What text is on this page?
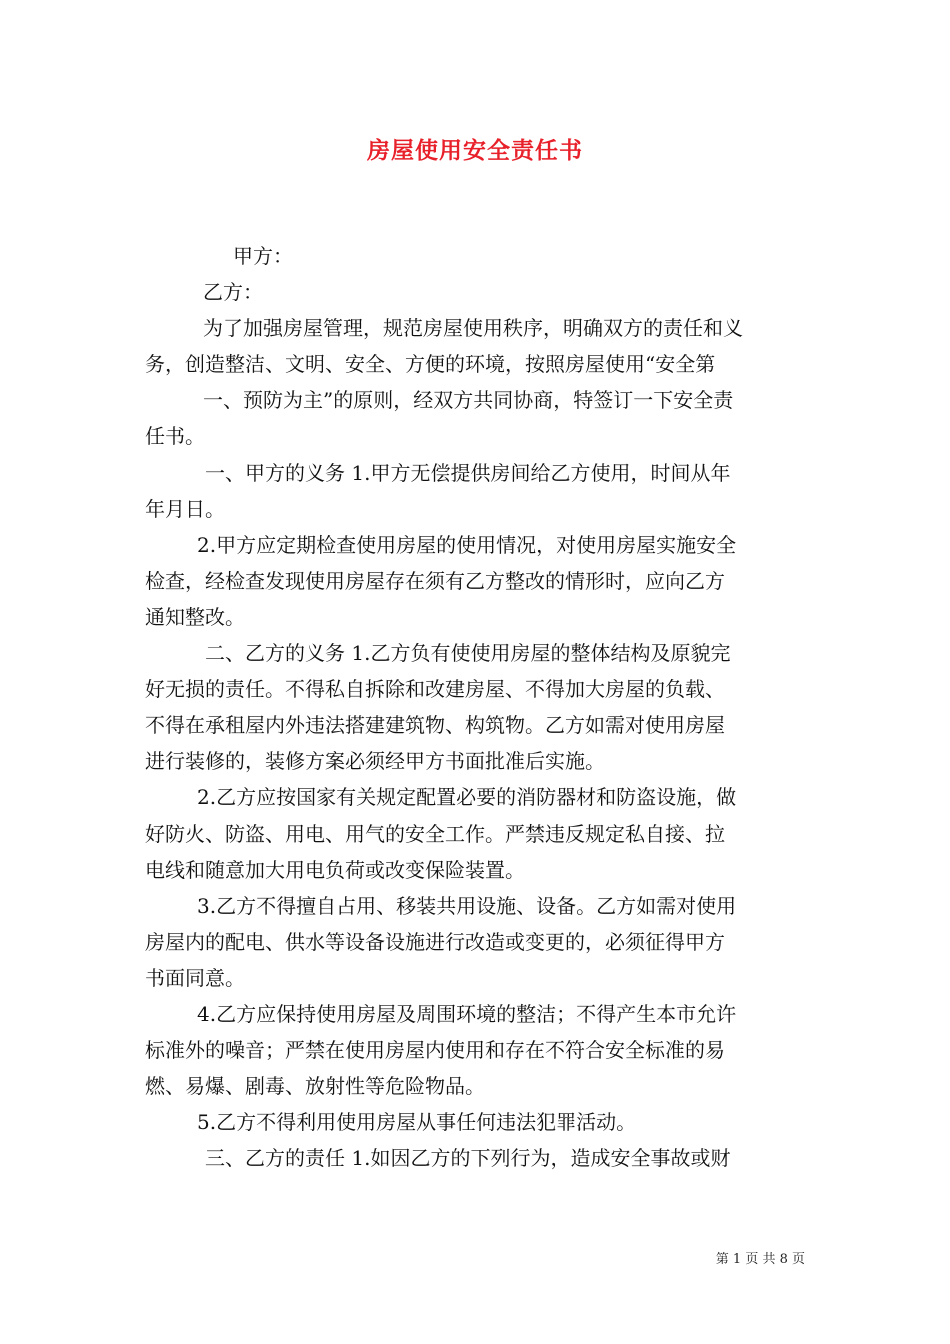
房屋使用安全责任书
甲方：
乙方：
为了加强房屋管理，规范房屋使用秩序，明确双方的责任和义
务，创造整洁、文明、安全、方便的环境，按照房屋使用“安全第
一、预防为主”的原则，经双方共同协商，特签订一下安全责
任书。
一、甲方的义务 1.甲方无偿提供房间给乙方使用，时间从年
年月日。
2.甲方应定期检查使用房屋的使用情况，对使用房屋实施安全
检查，经检查发现使用房屋存在须有乙方整改的情形时，应向乙方
通知整改。
二、乙方的义务 1.乙方负有使使用房屋的整体结构及原貌完
好无损的责任。不得私自拆除和改建房屋、不得加大房屋的负载、
不得在承租屋内外违法搭建建筑物、构筑物。乙方如需对使用房屋
进行装修的，装修方案必须经甲方书面批准后实施。
2.乙方应按国家有关规定配置必要的消防器材和防盗设施，做
好防火、防盗、用电、用气的安全工作。严禁违反规定私自接、拉
电线和随意加大用电负荷或改变保险装置。
3.乙方不得擅自占用、移装共用设施、设备。乙方如需对使用
房屋内的配电、供水等设备设施进行改造或变更的，必须征得甲方
书面同意。
4.乙方应保持使用房屋及周围环境的整洁；不得产生本市允许
标准外的噪音；严禁在使用房屋内使用和存在不符合安全标准的易
燃、易爆、剧毒、放射性等危险物品。
5.乙方不得利用使用房屋从事任何违法犯罪活动。
三、乙方的责任 1.如因乙方的下列行为，造成安全事故或财
第 1 页 共 8 页
